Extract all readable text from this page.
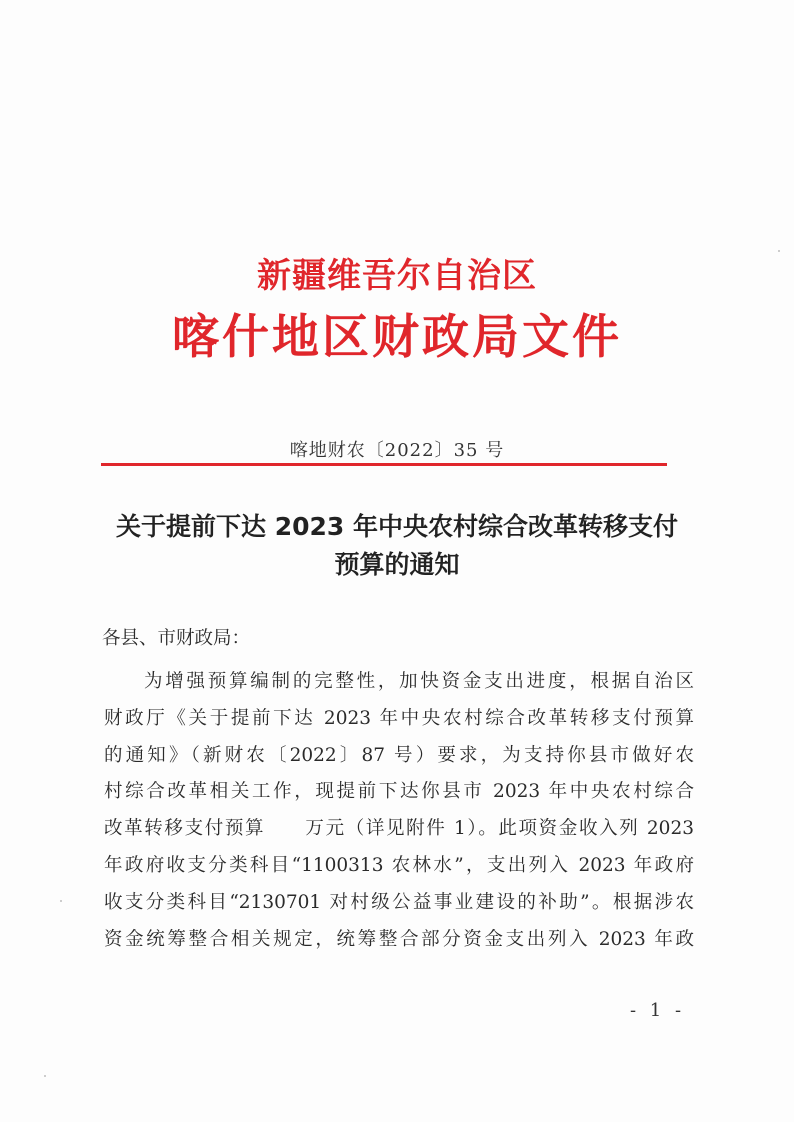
新疆维吾尔自治区
喀什地区财政局文件
喀地财农〔2022〕35 号
关于提前下达 2023 年中央农村综合改革转移支付
预算的通知
各县、市财政局：
为增强预算编制的完整性，加快资金支出进度，根据自治区
财政厅《关于提前下达 2023 年中央农村综合改革转移支付预算
的通知》（新财农〔2022〕87 号）要求，为支持你县市做好农
村综合改革相关工作，现提前下达你县市 2023 年中央农村综合
改革转移支付预算　　万元（详见附件 1）。此项资金收入列 2023
年政府收支分类科目“1100313 农林水”，支出列入 2023 年政府
收支分类科目“2130701 对村级公益事业建设的补助”。根据涉农
资金统筹整合相关规定，统筹整合部分资金支出列入 2023 年政
- 1 -
